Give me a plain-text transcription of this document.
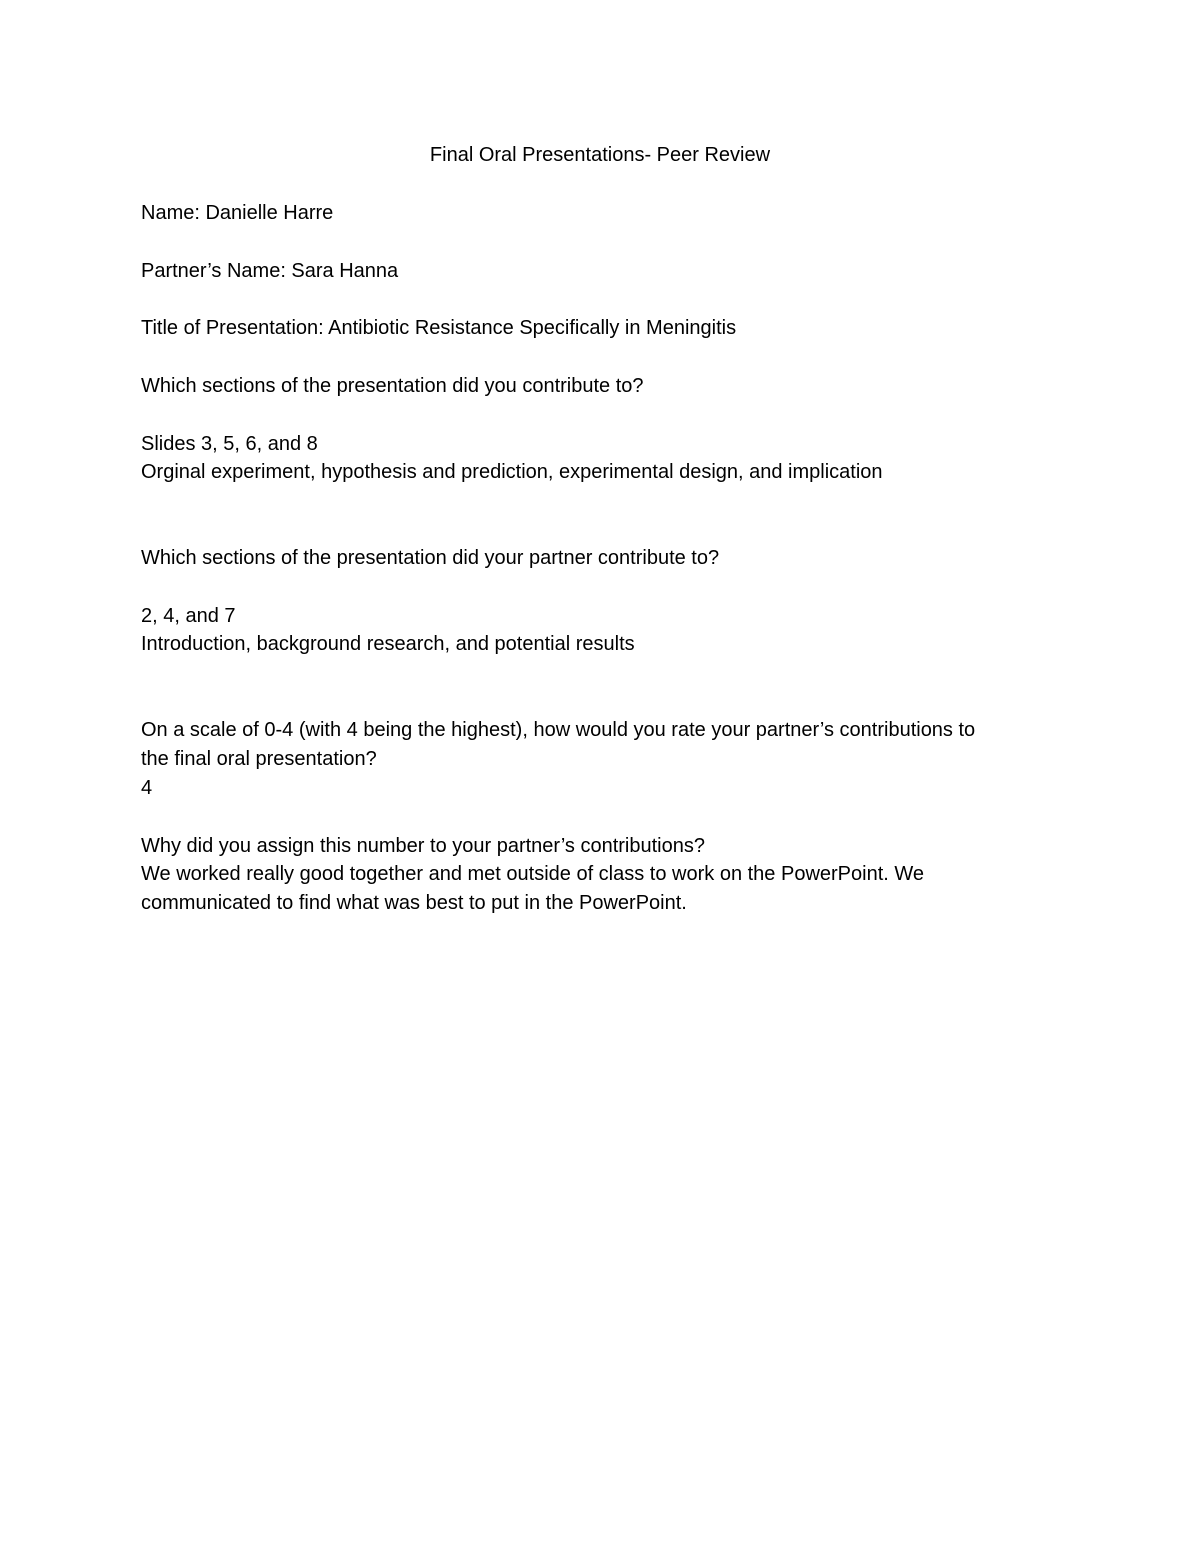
Final Oral Presentations- Peer Review

Name: Danielle Harre

Partner’s Name: Sara Hanna

Title of Presentation: Antibiotic Resistance Specifically in Meningitis

Which sections of the presentation did you contribute to?

Slides 3, 5, 6, and 8

Orginal experiment, hypothesis and prediction, experimental design, and implication

Which sections of the presentation did your partner contribute to?

2, 4, and 7

Introduction, background research, and potential results

On a scale of 0-4 (with 4 being the highest), how would you rate your partner’s contributions to

the final oral presentation?

4

Why did you assign this number to your partner’s contributions?

We worked really good together and met outside of class to work on the PowerPoint. We

communicated to find what was best to put in the PowerPoint.
